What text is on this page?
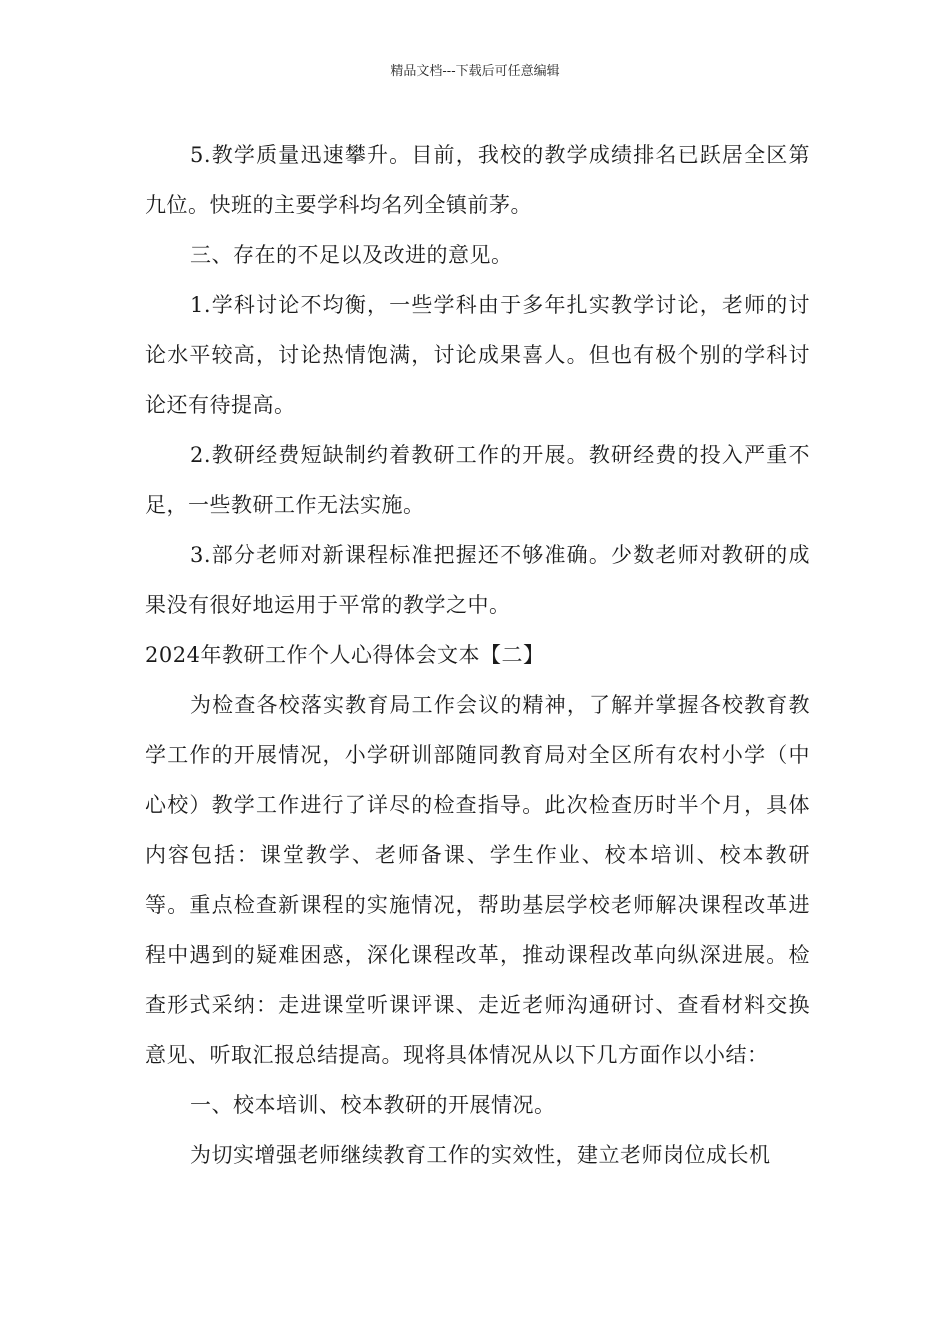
精品文档---下载后可任意编辑

5.教学质量迅速攀升。目前，我校的教学成绩排名已跃居全区第九位。快班的主要学科均名列全镇前茅。

三、存在的不足以及改进的意见。

1.学科讨论不均衡，一些学科由于多年扎实教学讨论，老师的讨论水平较高，讨论热情饱满，讨论成果喜人。但也有极个别的学科讨论还有待提高。

2.教研经费短缺制约着教研工作的开展。教研经费的投入严重不足，一些教研工作无法实施。

3.部分老师对新课程标准把握还不够准确。少数老师对教研的成果没有很好地运用于平常的教学之中。

2024年教研工作个人心得体会文本【二】

为检查各校落实教育局工作会议的精神，了解并掌握各校教育教学工作的开展情况，小学研训部随同教育局对全区所有农村小学（中心校）教学工作进行了详尽的检查指导。此次检查历时半个月，具体内容包括：课堂教学、老师备课、学生作业、校本培训、校本教研等。重点检查新课程的实施情况，帮助基层学校老师解决课程改革进程中遇到的疑难困惑，深化课程改革，推动课程改革向纵深进展。检查形式采纳：走进课堂听课评课、走近老师沟通研讨、查看材料交换意见、听取汇报总结提高。现将具体情况从以下几方面作以小结：

一、校本培训、校本教研的开展情况。

为切实增强老师继续教育工作的实效性，建立老师岗位成长机
